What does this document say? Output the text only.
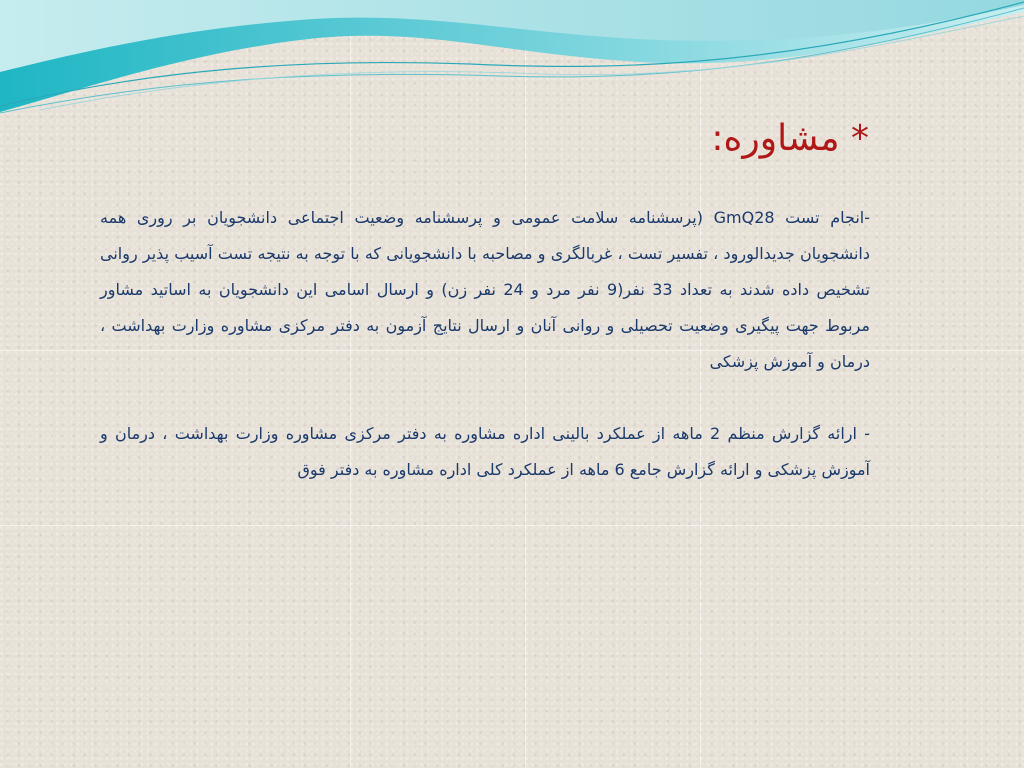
* مشاوره:

-انجام تست GmQ28 (پرسشنامه سلامت عمومی و پرسشنامه وضعیت اجتماعی دانشجویان بر روری همه دانشجویان جدیدالورود ، تفسیر تست ، غربالگری و مصاحبه با دانشجویانی که با توجه به نتیجه تست آسیب پذیر روانی تشخیص داده شدند به تعداد 33 نفر(9 نفر مرد و 24 نفر زن) و ارسال اسامی این دانشجویان به اساتید مشاور مربوط جهت پیگیری وضعیت تحصیلی و روانی آنان و ارسال نتایج آزمون به دفتر مرکزی مشاوره وزارت بهداشت ، درمان و آموزش پزشکی

- ارائه گزارش منظم 2 ماهه از عملکرد بالینی اداره مشاوره به دفتر مرکزی مشاوره وزارت بهداشت ، درمان و آموزش پزشکی و ارائه گزارش جامع 6 ماهه از عملکرد کلی اداره مشاوره به دفتر فوق
